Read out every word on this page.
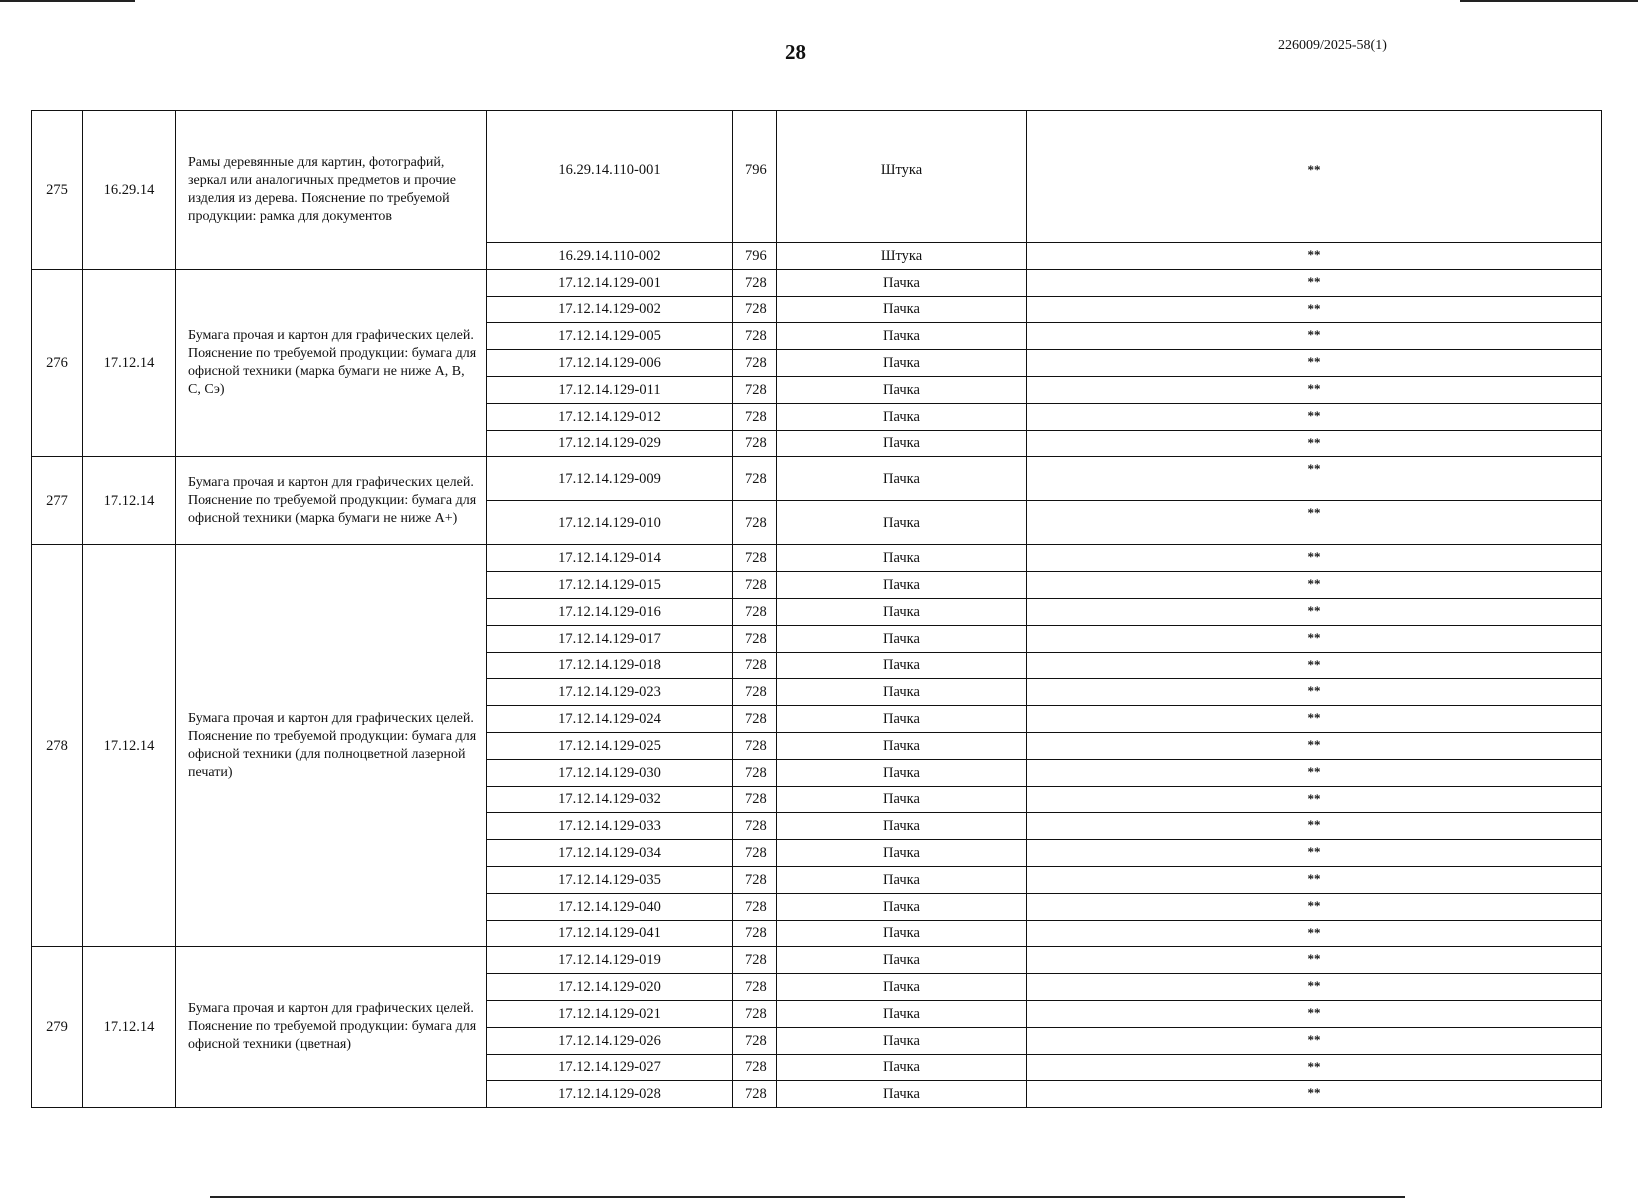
28	226009/2025-58(1)
275	16.29.14	Рамы деревянные для картин, фотографий, зеркал или аналогичных предметов и прочие изделия из дерева. Пояснение по требуемой продукции: рамка для документов	16.29.14.110-001	796	Штука	**
			16.29.14.110-002	796	Штука	**
276	17.12.14	Бумага прочая и картон для графических целей. Пояснение по требуемой продукции: бумага для офисной техники (марка бумаги не ниже А, В, С, Сэ)	17.12.14.129-001	728	Пачка	**
			17.12.14.129-002	728	Пачка	**
			17.12.14.129-005	728	Пачка	**
			17.12.14.129-006	728	Пачка	**
			17.12.14.129-011	728	Пачка	**
			17.12.14.129-012	728	Пачка	**
			17.12.14.129-029	728	Пачка	**
277	17.12.14	Бумага прочая и картон для графических целей. Пояснение по требуемой продукции: бумага для офисной техники (марка бумаги не ниже А+)	17.12.14.129-009	728	Пачка	**
			17.12.14.129-010	728	Пачка	**
278	17.12.14	Бумага прочая и картон для графических целей. Пояснение по требуемой продукции: бумага для офисной техники (для полноцветной лазерной печати)	17.12.14.129-014	728	Пачка	**
			17.12.14.129-015	728	Пачка	**
			17.12.14.129-016	728	Пачка	**
			17.12.14.129-017	728	Пачка	**
			17.12.14.129-018	728	Пачка	**
			17.12.14.129-023	728	Пачка	**
			17.12.14.129-024	728	Пачка	**
			17.12.14.129-025	728	Пачка	**
			17.12.14.129-030	728	Пачка	**
			17.12.14.129-032	728	Пачка	**
			17.12.14.129-033	728	Пачка	**
			17.12.14.129-034	728	Пачка	**
			17.12.14.129-035	728	Пачка	**
			17.12.14.129-040	728	Пачка	**
			17.12.14.129-041	728	Пачка	**
279	17.12.14	Бумага прочая и картон для графических целей. Пояснение по требуемой продукции: бумага для офисной техники (цветная)	17.12.14.129-019	728	Пачка	**
			17.12.14.129-020	728	Пачка	**
			17.12.14.129-021	728	Пачка	**
			17.12.14.129-026	728	Пачка	**
			17.12.14.129-027	728	Пачка	**
			17.12.14.129-028	728	Пачка	**
